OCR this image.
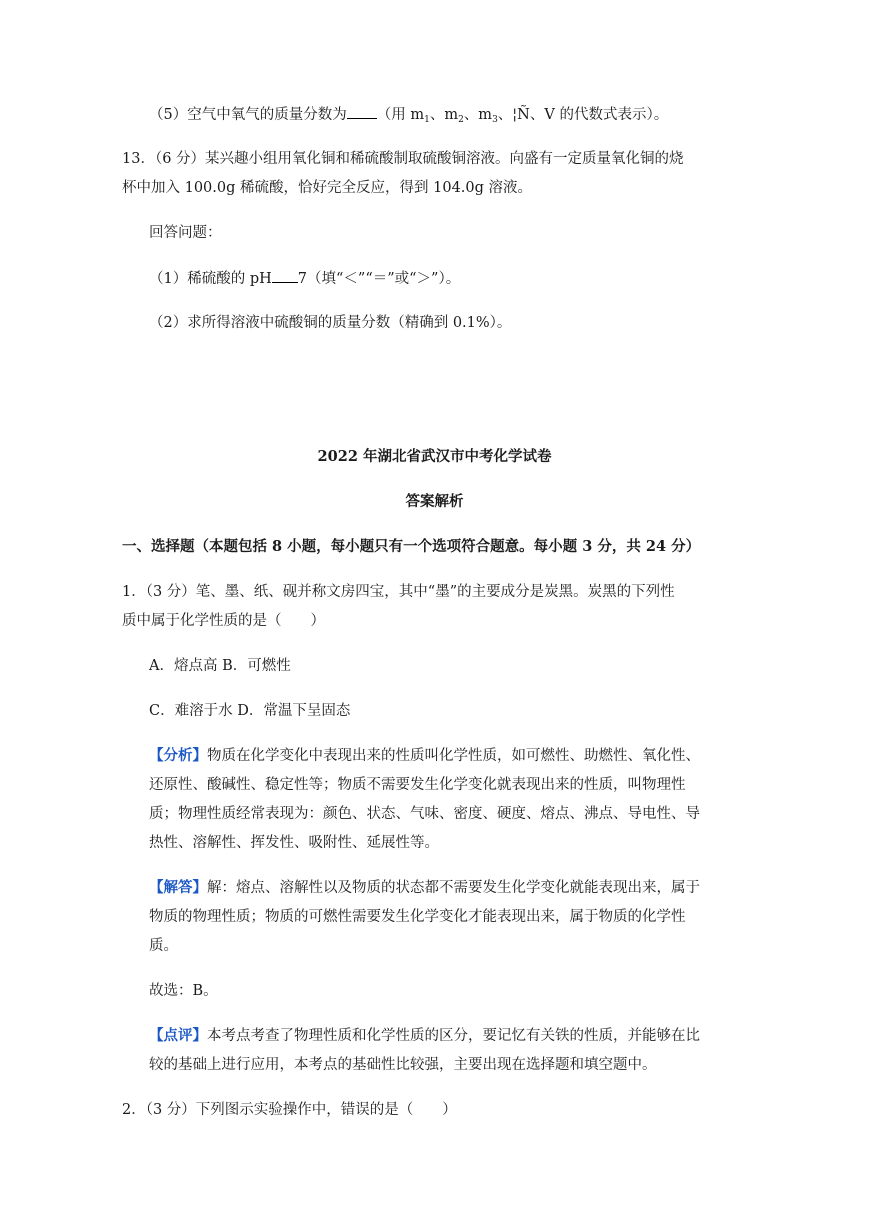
（5）空气中氧气的质量分数为 （用 $m_1$、$m_2$、$m_3$、¦Ñ、V 的代数式表示）。
13．（6 分）某兴趣小组用氧化铜和稀硫酸制取硫酸铜溶液。向盛有一定质量氧化铜的烧
杯中加入 100.0g 稀硫酸，恰好完全反应，得到 104.0g 溶液。
回答问题：
（1）稀硫酸的 pH 7（填“＜”“＝”或“＞”）。
（2）求所得溶液中硫酸铜的质量分数（精确到 0.1%）。
2022 年湖北省武汉市中考化学试卷
答案解析
一、选择题（本题包括 8 小题，每小题只有一个选项符合题意。每小题 3 分，共 24 分）
1．（3 分）笔、墨、纸、砚并称文房四宝，其中“墨”的主要成分是炭黑。炭黑的下列性
质中属于化学性质的是（　　）
A．熔点高 B．可燃性
C．难溶于水 D．常温下呈固态
【分析】物质在化学变化中表现出来的性质叫化学性质，如可燃性、助燃性、氧化性、
还原性、酸碱性、稳定性等；物质不需要发生化学变化就表现出来的性质，叫物理性
质；物理性质经常表现为：颜色、状态、气味、密度、硬度、熔点、沸点、导电性、导
热性、溶解性、挥发性、吸附性、延展性等。
【解答】解：熔点、溶解性以及物质的状态都不需要发生化学变化就能表现出来，属于
物质的物理性质；物质的可燃性需要发生化学变化才能表现出来，属于物质的化学性
质。
故选：B。
【点评】本考点考查了物理性质和化学性质的区分，要记忆有关铁的性质，并能够在比
较的基础上进行应用，本考点的基础性比较强，主要出现在选择题和填空题中。
2．（3 分）下列图示实验操作中，错误的是（　　）
